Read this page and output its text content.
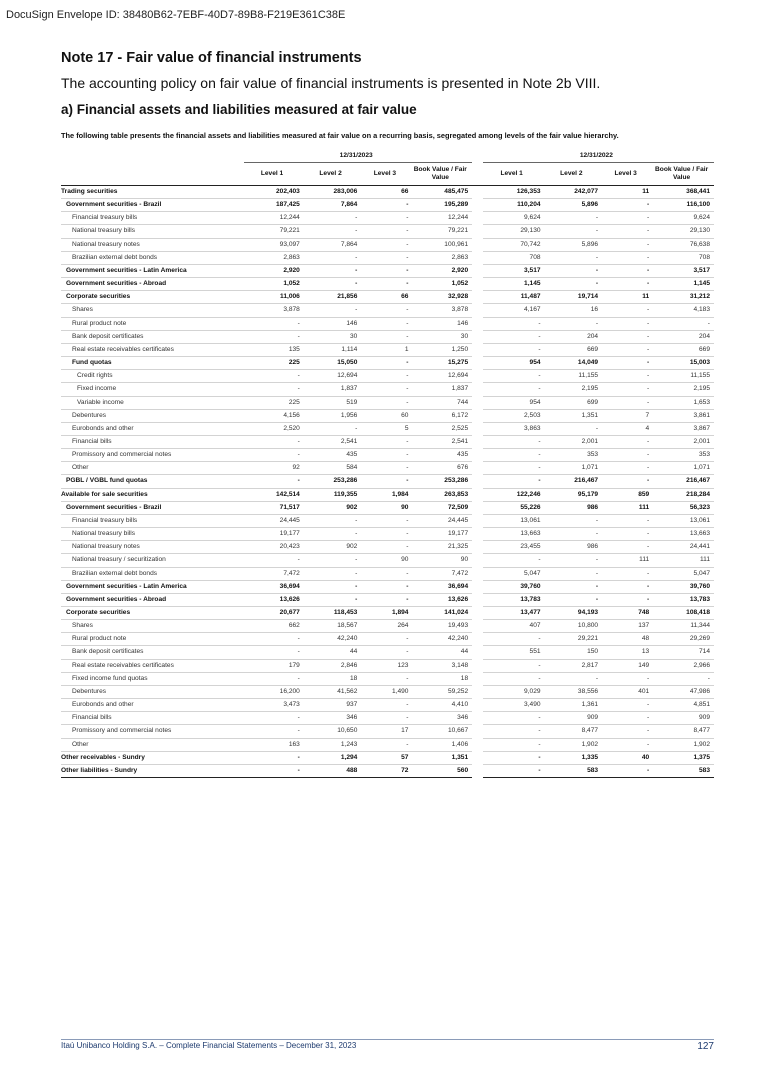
DocuSign Envelope ID: 38480B62-7EBF-40D7-89B8-F219E361C38E
Note 17 - Fair value of financial instruments
The accounting policy on fair value of financial instruments is presented in Note 2b VIII.
a) Financial assets and liabilities measured at fair value
The following table presents the financial assets and liabilities measured at fair value on a recurring basis, segregated among levels of the fair value hierarchy.
	12/31/2023					12/31/2022			
	Level 1	Level 2	Level 3	Book Value / Fair Value		Level 1	Level 2	Level 3	Book Value / Fair Value
Trading securities	202,403	283,006	66	485,475		126,353	242,077	11	368,441
Government securities - Brazil	187,425	7,864	-	195,289		110,204	5,896	-	116,100
Financial treasury bills	12,244	-	-	12,244		9,624	-	-	9,624
National treasury bills	79,221	-	-	79,221		29,130	-	-	29,130
National treasury notes	93,097	7,864	-	100,961		70,742	5,896	-	76,638
Brazilian external debt bonds	2,863	-	-	2,863		708	-	-	708
Government securities - Latin America	2,920	-	-	2,920		3,517	-	-	3,517
Government securities - Abroad	1,052	-	-	1,052		1,145	-	-	1,145
Corporate securities	11,006	21,856	66	32,928		11,487	19,714	11	31,212
Shares	3,878	-	-	3,878		4,167	16	-	4,183
Rural product note	-	146	-	146		-	-	-	-
Bank deposit certificates	-	30	-	30		-	204	-	204
Real estate receivables certificates	135	1,114	1	1,250		-	669	-	669
Fund quotas	225	15,050	-	15,275		954	14,049	-	15,003
Credit rights	-	12,694	-	12,694		-	11,155	-	11,155
Fixed income	-	1,837	-	1,837		-	2,195	-	2,195
Variable income	225	519	-	744		954	699	-	1,653
Debentures	4,156	1,956	60	6,172		2,503	1,351	7	3,861
Eurobonds and other	2,520	-	5	2,525		3,863	-	4	3,867
Financial bills	-	2,541	-	2,541		-	2,001	-	2,001
Promissory and commercial notes	-	435	-	435		-	353	-	353
Other	92	584	-	676		-	1,071	-	1,071
PGBL / VGBL fund quotas	-	253,286	-	253,286		-	216,467	-	216,467
Available for sale securities	142,514	119,355	1,984	263,853		122,246	95,179	859	218,284
Government securities - Brazil	71,517	902	90	72,509		55,226	986	111	56,323
Financial treasury bills	24,445	-	-	24,445		13,061	-	-	13,061
National treasury bills	19,177	-	-	19,177		13,663	-	-	13,663
National treasury notes	20,423	902	-	21,325		23,455	986	-	24,441
National treasury / securitization	-	-	90	90		-	-	111	111
Brazilian external debt bonds	7,472	-	-	7,472		5,047	-	-	5,047
Government securities - Latin America	36,694	-	-	36,694		39,760	-	-	39,760
Government securities - Abroad	13,626	-	-	13,626		13,783	-	-	13,783
Corporate securities	20,677	118,453	1,894	141,024		13,477	94,193	748	108,418
Shares	662	18,567	264	19,493		407	10,800	137	11,344
Rural product note	-	42,240	-	42,240		-	29,221	48	29,269
Bank deposit certificates	-	44	-	44		551	150	13	714
Real estate receivables certificates	179	2,846	123	3,148		-	2,817	149	2,966
Fixed income fund quotas	-	18	-	18		-	-	-	-
Debentures	16,200	41,562	1,490	59,252		9,029	38,556	401	47,986
Eurobonds and other	3,473	937	-	4,410		3,490	1,361	-	4,851
Financial bills	-	346	-	346		-	909	-	909
Promissory and commercial notes	-	10,650	17	10,667		-	8,477	-	8,477
Other	163	1,243	-	1,406		-	1,902	-	1,902
Other receivables - Sundry	-	1,294	57	1,351		-	1,335	40	1,375
Other liabilities - Sundry	-	488	72	560		-	583	-	583
Itaú Unibanco Holding S.A. – Complete Financial Statements – December 31, 2023	127
